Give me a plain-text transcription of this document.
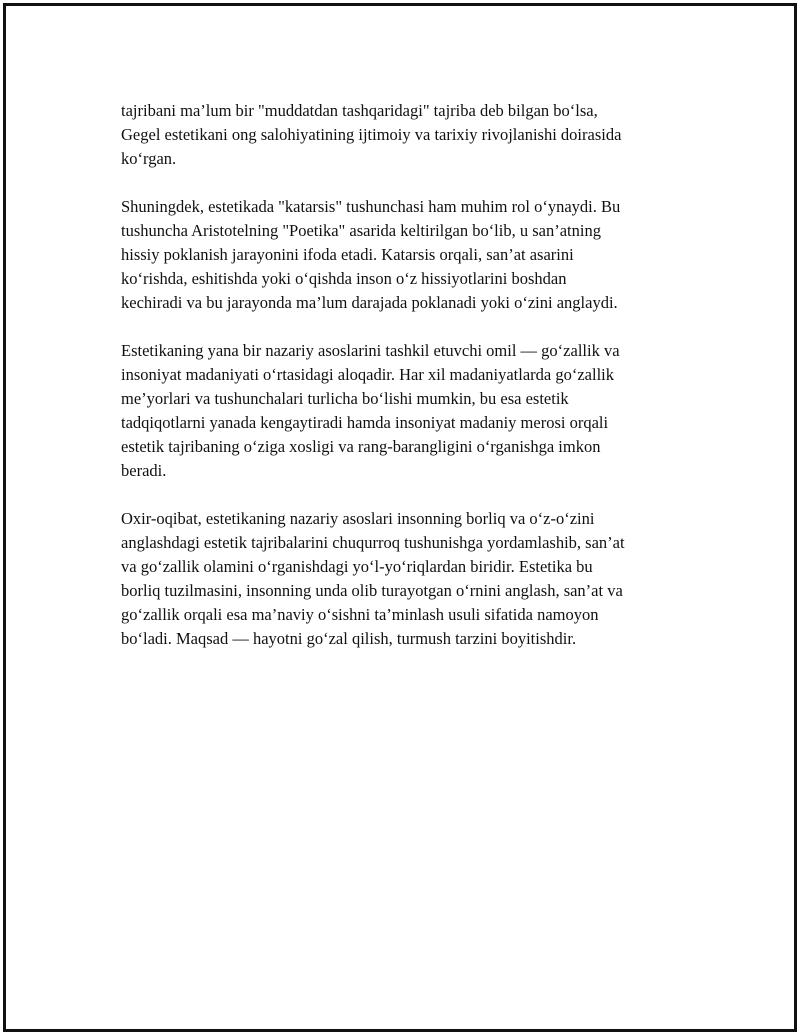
tajribani ma’lum bir "muddatdan tashqaridagi" tajriba deb bilgan bo‘lsa,
Gegel estetikani ong salohiyatining ijtimoiy va tarixiy rivojlanishi doirasida
ko‘rgan.

Shuningdek, estetikada "katarsis" tushunchasi ham muhim rol o‘ynaydi. Bu
tushuncha Aristotelning "Poetika" asarida keltirilgan bo‘lib, u san’atning
hissiy poklanish jarayonini ifoda etadi. Katarsis orqali, san’at asarini
ko‘rishda, eshitishda yoki o‘qishda inson o‘z hissiyotlarini boshdan
kechiradi va bu jarayonda ma’lum darajada poklanadi yoki o‘zini anglaydi.

Estetikaning yana bir nazariy asoslarini tashkil etuvchi omil — go‘zallik va
insoniyat madaniyati o‘rtasidagi aloqadir. Har xil madaniyatlarda go‘zallik
me’yorlari va tushunchalari turlicha bo‘lishi mumkin, bu esa estetik
tadqiqotlarni yanada kengaytiradi hamda insoniyat madaniy merosi orqali
estetik tajribaning o‘ziga xosligi va rang-barangligini o‘rganishga imkon
beradi.

Oxir-oqibat, estetikaning nazariy asoslari insonning borliq va o‘z-o‘zini
anglashdagi estetik tajribalarini chuqurroq tushunishga yordamlashib, san’at
va go‘zallik olamini o‘rganishdagi yo‘l-yo‘riqlardan biridir. Estetika bu
borliq tuzilmasini, insonning unda olib turayotgan o‘rnini anglash, san’at va
go‘zallik orqali esa ma’naviy o‘sishni ta’minlash usuli sifatida namoyon
bo‘ladi. Maqsad — hayotni go‘zal qilish, turmush tarzini boyitishdir.
